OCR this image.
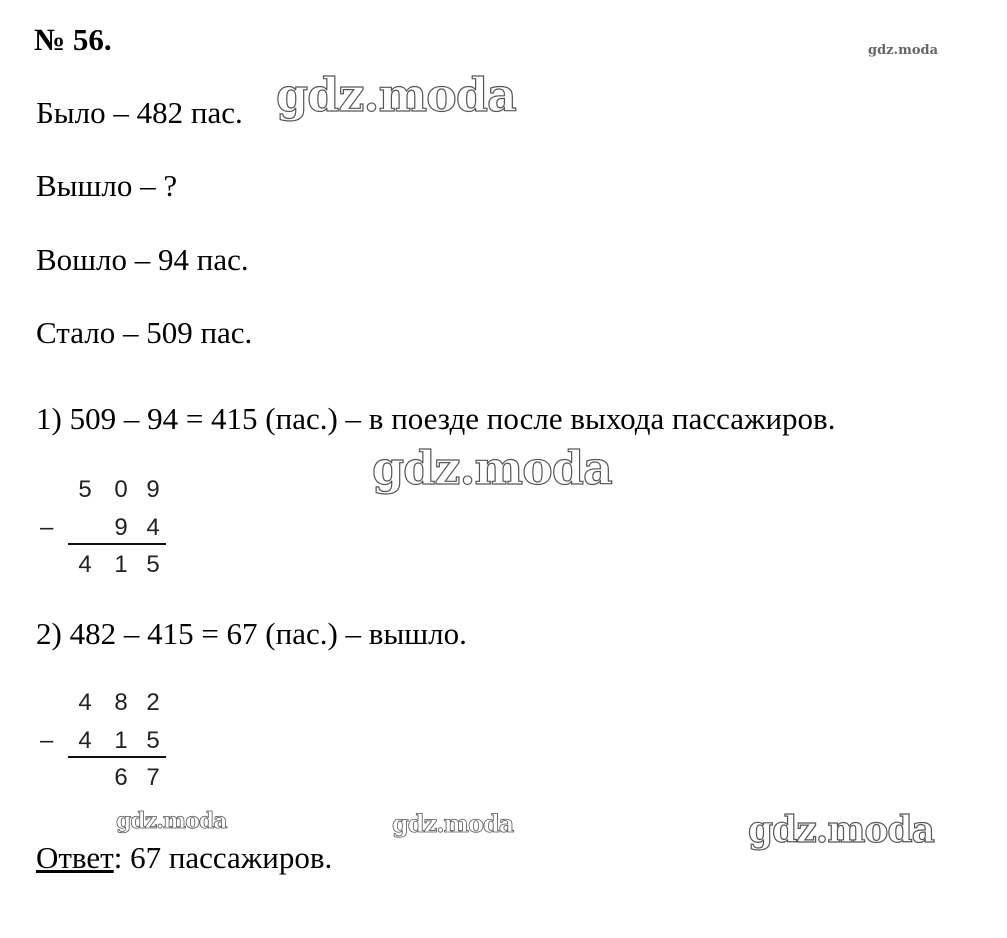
№ 56.	gdz.moda
Было – 482 пас. gdz.moda
Вышло – ?
Вошло – 94 пас.
Стало – 509 пас.
1) 509 – 94 = 415 (пас.) – в поезде после выхода пассажиров.
gdz.moda
5 0 9
–	9 4
4 1 5
2) 482 – 415 = 67 (пас.) – вышло.
4 8 2
– 4 1 5
6 7
gdz.moda	gdz.moda	gdz.moda
Ответ: 67 пассажиров.
